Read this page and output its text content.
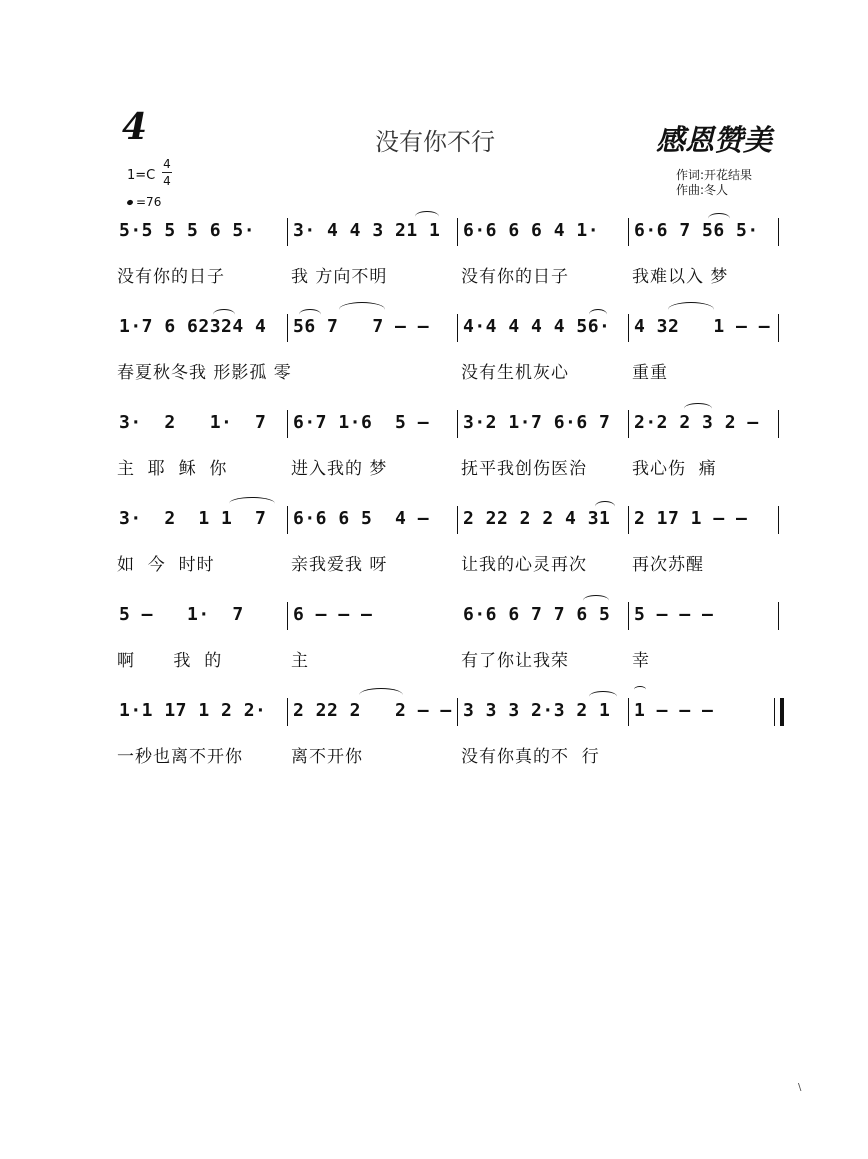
4	没有你不行	感恩赞美
1=C
4
4
=76
作词:开花结果
作曲:冬人
5·5 5 5 6 5·
没有你的日子
3· 4 4 3 21 1
我 方向不明
6·6 6 6 4 1·
没有你的日子
6·6 7 56 5·
我难以入 梦
1·7 6 62324 4
春夏秋冬我 形影孤 零
56 7   7 – – 4·4 4 4 4 56·
没有生机灰心
4 32   1 – –
重重
3·  2   1·  7
主  耶  稣  你
6·7 1·6  5 –
进入我的 梦
3·2 1·7 6·6 7
抚平我创伤医治
2·2 2 3 2 –
我心伤  痛
3·  2  1 1  7
如  今  时时
6·6 6 5  4 –
亲我爱我 呀
2 22 2 2 4 31
让我的心灵再次
2 17 1 – –
再次苏醒
5 –   1·  7
啊      我  的
6 – – –
主
6·6 6 7 7 6 5
有了你让我荣
5 – – –
幸
1·1 17 1 2 2·
一秒也离不开你
2 22 2   2 – –
离不开你
3 3 3 2·3 2 1
没有你真的不  行
1 – – –
\
